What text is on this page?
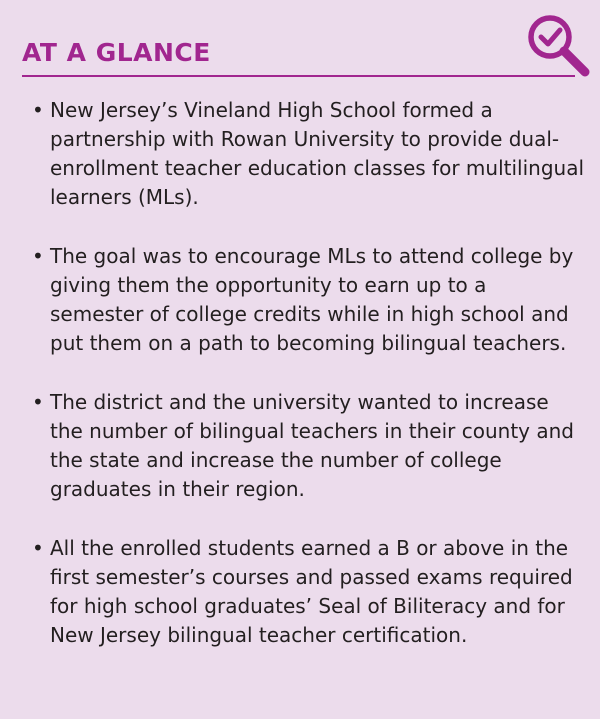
AT A GLANCE
• New Jersey’s Vineland High School formed a partnership with Rowan University to provide dual-enrollment teacher education classes for multilingual learners (MLs).
• The goal was to encourage MLs to attend college by giving them the opportunity to earn up to a semester of college credits while in high school and put them on a path to becoming bilingual teachers.
• The district and the university wanted to increase the number of bilingual teachers in their county and the state and increase the number of college graduates in their region.
• All the enrolled students earned a B or above in the first semester’s courses and passed exams required for high school graduates’ Seal of Biliteracy and for New Jersey bilingual teacher certification.
